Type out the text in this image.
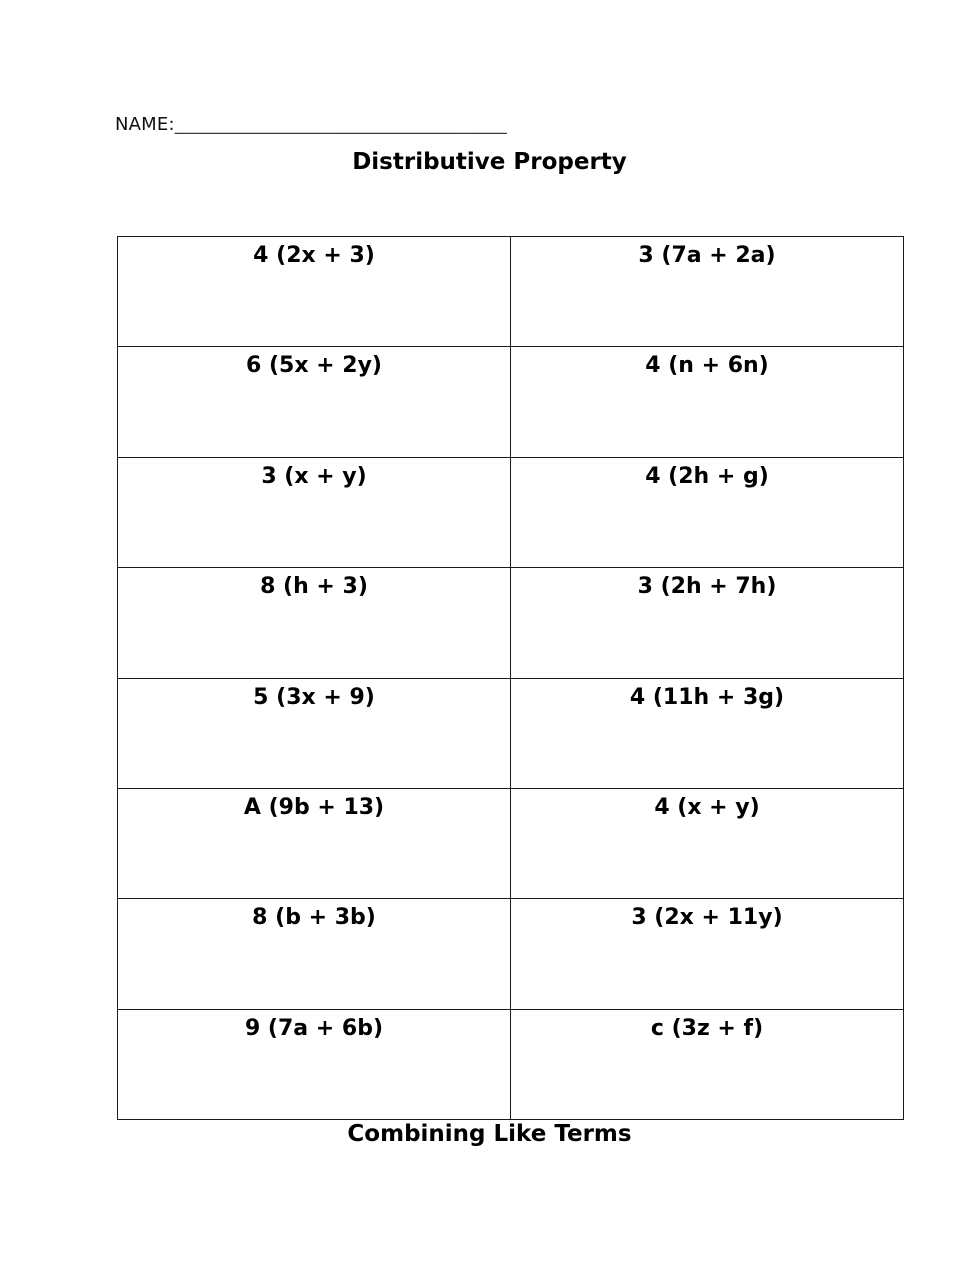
NAME:_______________________________________
Distributive Property
4 (2x + 3)	3 (7a + 2a)
6 (5x + 2y)	4 (n + 6n)
3 (x + y)	4 (2h + g)
8 (h + 3)	3 (2h + 7h)
5 (3x + 9)	4 (11h + 3g)
A (9b + 13)	4 (x + y)
8 (b + 3b)	3 (2x + 11y)
9 (7a + 6b)	c (3z + f)
Combining Like Terms
